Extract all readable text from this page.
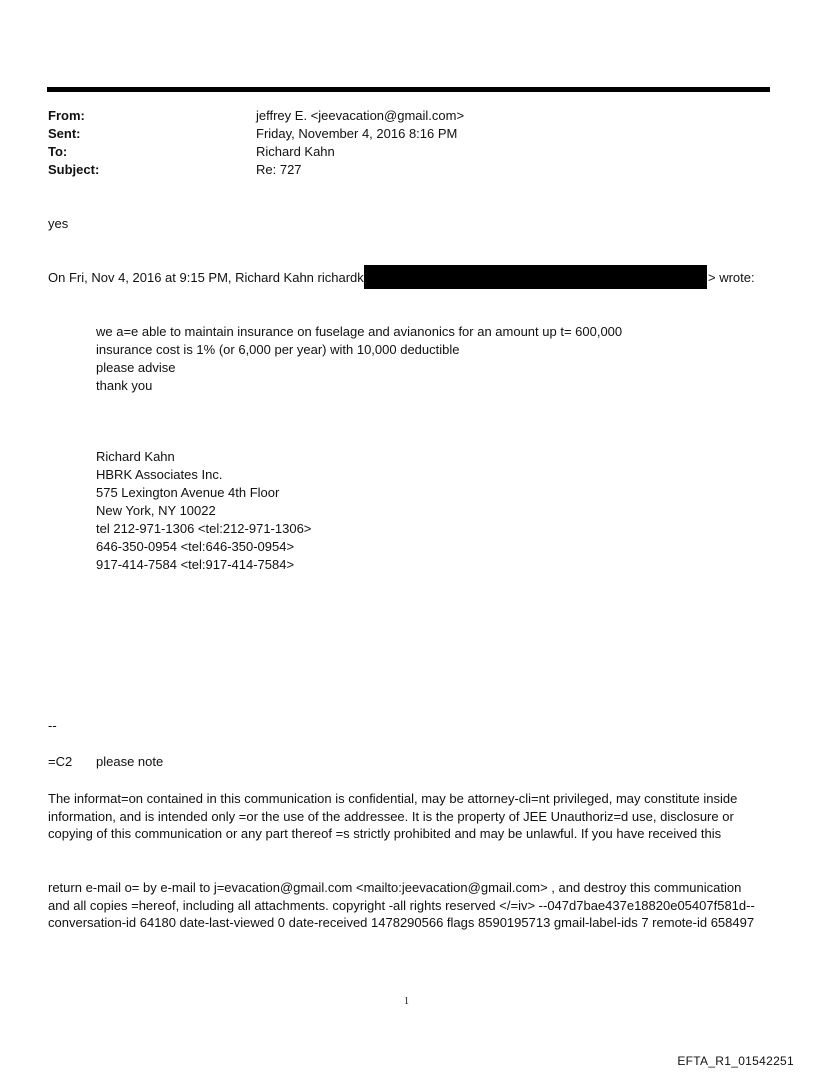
From:	jeffrey E. <jeevacation@gmail.com>
Sent:	Friday, November 4, 2016 8:16 PM
To:	Richard Kahn
Subject:	Re: 727
yes
On Fri, Nov 4, 2016 at 9:15 PM, Richard Kahn richardk	> wrote:
we a=e able to maintain insurance on fuselage and avianonics for an amount up t= 600,000
insurance cost is 1% (or 6,000 per year) with 10,000 deductible
please advise
thank you
Richard Kahn
HBRK Associates Inc.
575 Lexington Avenue 4th Floor
New York, NY 10022
tel 212-971-1306 <tel:212-971-1306>
646-350-0954 <tel:646-350-0954>
917-414-7584 <tel:917-414-7584>
--
=C2 please note
The informat=on contained in this communication is confidential, may be attorney-cli=nt privileged, may constitute inside information, and is intended only =or the use of the addressee. It is the property of JEE Unauthoriz=d use, disclosure or copying of this communication or any part thereof =s strictly prohibited and may be unlawful. If you have received this
return e-mail o= by e-mail to j=evacation@gmail.com <mailto:jeevacation@gmail.com> , and destroy this communication and all copies =hereof, including all attachments. copyright -all rights reserved </=iv> --047d7bae437e18820e05407f581d-- conversation-id 64180 date-last-viewed 0 date-received 1478290566 flags 8590195713 gmail-label-ids 7 remote-id 658497
1
EFTA_R1_01542251
